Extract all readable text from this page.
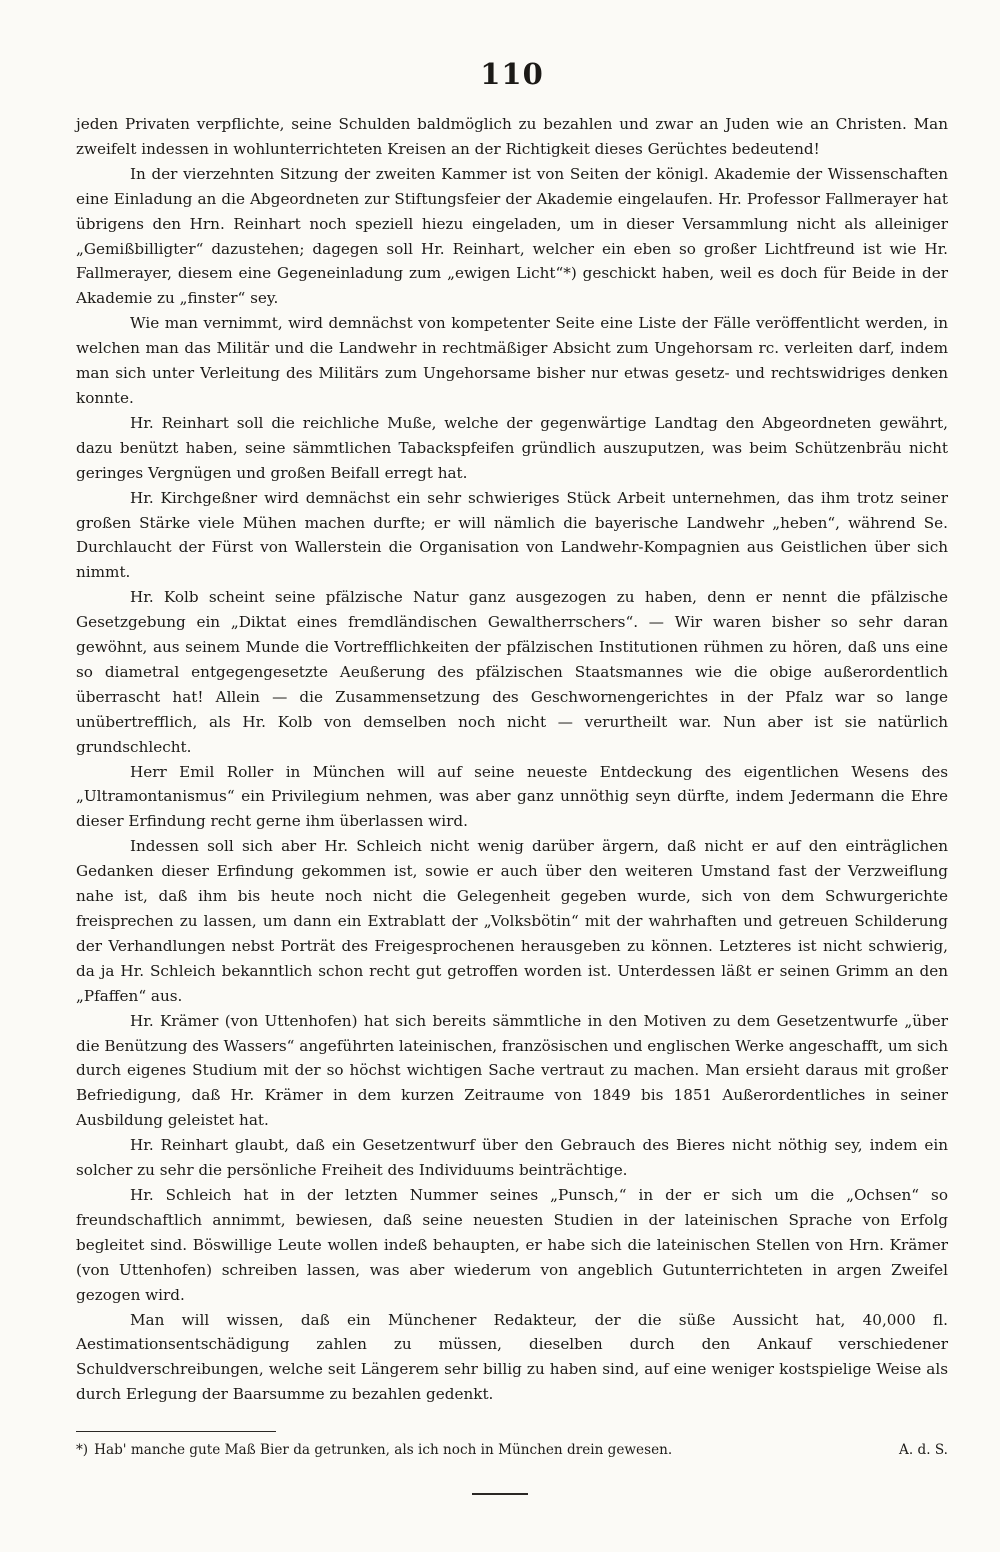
110

jeden Privaten verpflichte, seine Schulden baldmöglich zu bezahlen und zwar an Juden wie an Christen. Man zweifelt indessen in wohlunterrichteten Kreisen an der Richtigkeit dieses Gerüchtes bedeutend!

In der vierzehnten Sitzung der zweiten Kammer ist von Seiten der königl. Akademie der Wissenschaften eine Einladung an die Abgeordneten zur Stiftungsfeier der Akademie eingelaufen. Hr. Professor Fallmerayer hat übrigens den Hrn. Reinhart noch speziell hiezu eingeladen, um in dieser Versammlung nicht als alleiniger „Gemißbilligter“ dazustehen; dagegen soll Hr. Reinhart, welcher ein eben so großer Lichtfreund ist wie Hr. Fallmerayer, diesem eine Gegeneinladung zum „ewigen Licht“*) geschickt haben, weil es doch für Beide in der Akademie zu „finster“ sey.

Wie man vernimmt, wird demnächst von kompetenter Seite eine Liste der Fälle veröffentlicht werden, in welchen man das Militär und die Landwehr in rechtmäßiger Absicht zum Ungehorsam rc. verleiten darf, indem man sich unter Verleitung des Militärs zum Ungehorsame bisher nur etwas gesetz- und rechtswidriges denken konnte.

Hr. Reinhart soll die reichliche Muße, welche der gegenwärtige Landtag den Abgeordneten gewährt, dazu benützt haben, seine sämmtlichen Tabackspfeifen gründlich auszuputzen, was beim Schützenbräu nicht geringes Vergnügen und großen Beifall erregt hat.

Hr. Kirchgeßner wird demnächst ein sehr schwieriges Stück Arbeit unternehmen, das ihm trotz seiner großen Stärke viele Mühen machen durfte; er will nämlich die bayerische Landwehr „heben“, während Se. Durchlaucht der Fürst von Wallerstein die Organisation von Landwehr-Kompagnien aus Geistlichen über sich nimmt.

Hr. Kolb scheint seine pfälzische Natur ganz ausgezogen zu haben, denn er nennt die pfälzische Gesetzgebung ein „Diktat eines fremdländischen Gewaltherrschers“. — Wir waren bisher so sehr daran gewöhnt, aus seinem Munde die Vortrefflichkeiten der pfälzischen Institutionen rühmen zu hören, daß uns eine so diametral entgegengesetzte Aeußerung des pfälzischen Staatsmannes wie die obige außerordentlich überrascht hat! Allein — die Zusammensetzung des Geschwornengerichtes in der Pfalz war so lange unübertrefflich, als Hr. Kolb von demselben noch nicht — verurtheilt war. Nun aber ist sie natürlich grundschlecht.

Herr Emil Roller in München will auf seine neueste Entdeckung des eigentlichen Wesens des „Ultramontanismus“ ein Privilegium nehmen, was aber ganz unnöthig seyn dürfte, indem Jedermann die Ehre dieser Erfindung recht gerne ihm überlassen wird.

Indessen soll sich aber Hr. Schleich nicht wenig darüber ärgern, daß nicht er auf den einträglichen Gedanken dieser Erfindung gekommen ist, sowie er auch über den weiteren Umstand fast der Verzweiflung nahe ist, daß ihm bis heute noch nicht die Gelegenheit gegeben wurde, sich von dem Schwurgerichte freisprechen zu lassen, um dann ein Extrablatt der „Volksbötin“ mit der wahrhaften und getreuen Schilderung der Verhandlungen nebst Porträt des Freigesprochenen herausgeben zu können. Letzteres ist nicht schwierig, da ja Hr. Schleich bekanntlich schon recht gut getroffen worden ist. Unterdessen läßt er seinen Grimm an den „Pfaffen“ aus.

Hr. Krämer (von Uttenhofen) hat sich bereits sämmtliche in den Motiven zu dem Gesetzentwurfe „über die Benützung des Wassers“ angeführten lateinischen, französischen und englischen Werke angeschafft, um sich durch eigenes Studium mit der so höchst wichtigen Sache vertraut zu machen. Man ersieht daraus mit großer Befriedigung, daß Hr. Krämer in dem kurzen Zeitraume von 1849 bis 1851 Außerordentliches in seiner Ausbildung geleistet hat.

Hr. Reinhart glaubt, daß ein Gesetzentwurf über den Gebrauch des Bieres nicht nöthig sey, indem ein solcher zu sehr die persönliche Freiheit des Individuums beinträchtige.

Hr. Schleich hat in der letzten Nummer seines „Punsch,“ in der er sich um die „Ochsen“ so freundschaftlich annimmt, bewiesen, daß seine neuesten Studien in der lateinischen Sprache von Erfolg begleitet sind. Böswillige Leute wollen indeß behaupten, er habe sich die lateinischen Stellen von Hrn. Krämer (von Uttenhofen) schreiben lassen, was aber wiederum von angeblich Gutunterrichteten in argen Zweifel gezogen wird.

Man will wissen, daß ein Münchener Redakteur, der die süße Aussicht hat, 40,000 fl. Aestimationsentschädigung zahlen zu müssen, dieselben durch den Ankauf verschiedener Schuldverschreibungen, welche seit Längerem sehr billig zu haben sind, auf eine weniger kostspielige Weise als durch Erlegung der Baarsumme zu bezahlen gedenkt.

*) Hab' manche gute Maß Bier da getrunken, als ich noch in München drein gewesen.	A. d. S.
